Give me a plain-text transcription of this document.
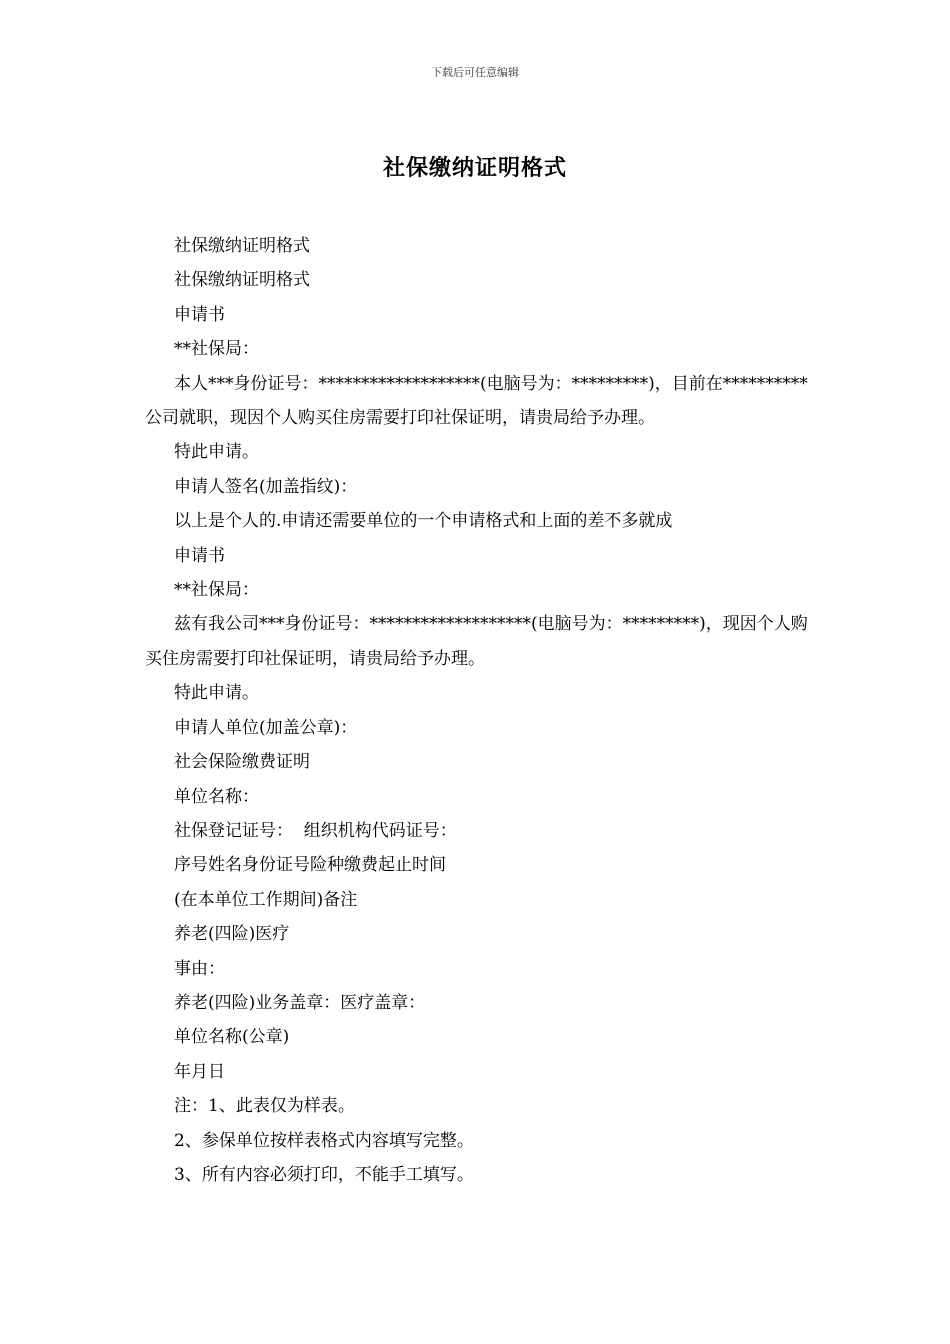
下载后可任意编辑
社保缴纳证明格式

社保缴纳证明格式

社保缴纳证明格式

申请书

**社保局：

本人***身份证号：*******************(电脑号为：*********)，目前在**********公司就职，现因个人购买住房需要打印社保证明，请贵局给予办理。

特此申请。

申请人签名(加盖指纹)：

以上是个人的.申请还需要单位的一个申请格式和上面的差不多就成

申请书

**社保局：

兹有我公司***身份证号：*******************(电脑号为：*********)，现因个人购买住房需要打印社保证明，请贵局给予办理。

特此申请。

申请人单位(加盖公章)：

社会保险缴费证明

单位名称：

社保登记证号：  组织机构代码证号：

序号姓名身份证号险种缴费起止时间

(在本单位工作期间)备注

养老(四险)医疗

事由：

养老(四险)业务盖章：医疗盖章：

单位名称(公章)

年月日

注：1、此表仅为样表。

2、参保单位按样表格式内容填写完整。

3、所有内容必须打印，不能手工填写。
